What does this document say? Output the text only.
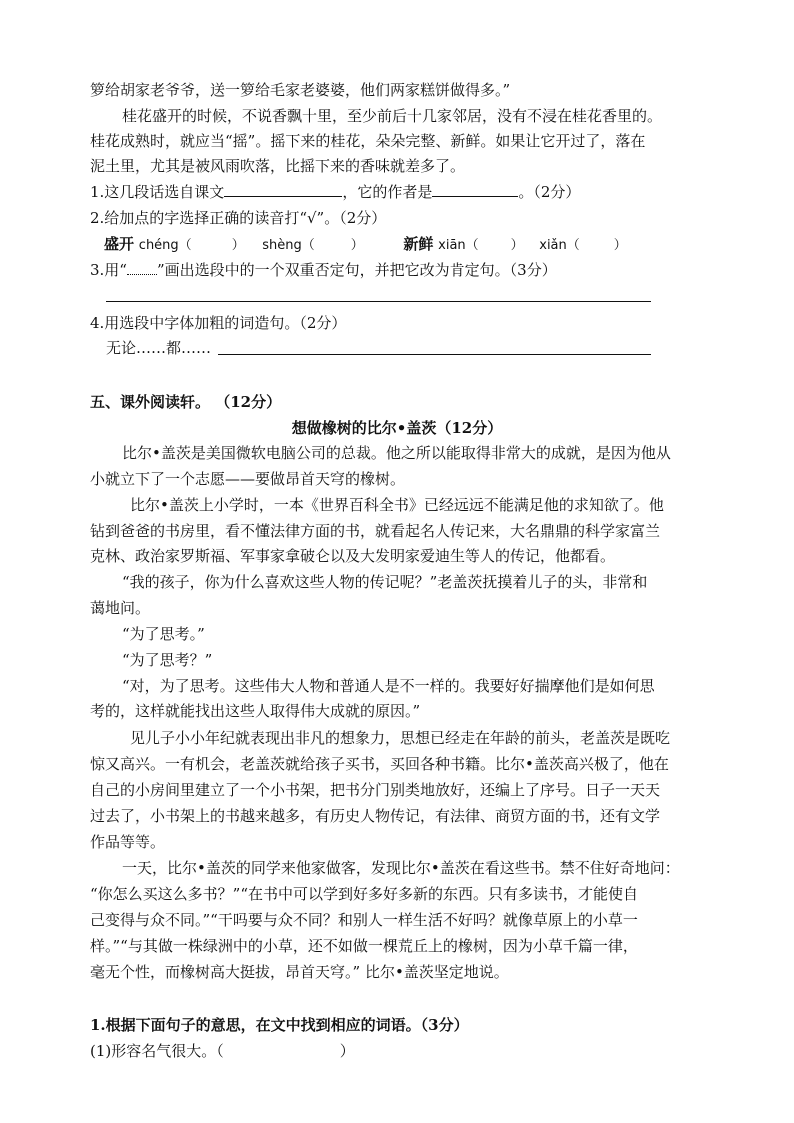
箩给胡家老爷爷，送一箩给毛家老婆婆，他们两家糕饼做得多。”
桂花盛开的时候，不说香飘十里，至少前后十几家邻居，没有不浸在桂花香里的。
桂花成熟时，就应当“摇”。摇下来的桂花，朵朵完整、新鲜。如果让它开过了，落在
泥土里，尤其是被风雨吹落，比摇下来的香味就差多了。
1.这几段话选自课文	，它的作者是	。（2分）
2.给加点的字选择正确的读音打“√”。（2分）
盛开 chéng（	） shèng（	）	新鲜 xiān（ ） xiǎn（	）
3.用“ ”画出选段中的一个双重否定句，并把它改为肯定句。（3分）
4.用选段中字体加粗的词造句。（2分）
无论……都……
五、课外阅读轩。 （12分）
想做橡树的比尔•盖茨（12分）
比尔•盖茨是美国微软电脑公司的总裁。他之所以能取得非常大的成就，是因为他从
小就立下了一个志愿——要做昂首天穹的橡树。
比尔•盖茨上小学时，一本《世界百科全书》已经远远不能满足他的求知欲了。他
钻到爸爸的书房里，看不懂法律方面的书，就看起名人传记来，大名鼎鼎的科学家富兰
克林、政治家罗斯福、军事家拿破仑以及大发明家爱迪生等人的传记，他都看。
“我的孩子，你为什么喜欢这些人物的传记呢？”老盖茨抚摸着儿子的头，非常和
蔼地问。
“为了思考。”
“为了思考？”
“对，为了思考。这些伟大人物和普通人是不一样的。我要好好揣摩他们是如何思
考的，这样就能找出这些人取得伟大成就的原因。”
见儿子小小年纪就表现出非凡的想象力，思想已经走在年龄的前头，老盖茨是既吃
惊又高兴。一有机会，老盖茨就给孩子买书，买回各种书籍。比尔•盖茨高兴极了，他在
自己的小房间里建立了一个小书架，把书分门别类地放好，还编上了序号。日子一天天
过去了，小书架上的书越来越多，有历史人物传记，有法律、商贸方面的书，还有文学
作品等等。
一天，比尔•盖茨的同学来他家做客，发现比尔•盖茨在看这些书。禁不住好奇地问：
“你怎么买这么多书？”“在书中可以学到好多好多新的东西。只有多读书，才能使自
己变得与众不同。”“干吗要与众不同？和别人一样生活不好吗？就像草原上的小草一
样。”“与其做一株绿洲中的小草，还不如做一棵荒丘上的橡树，因为小草千篇一律，
毫无个性，而橡树高大挺拔，昂首天穹。” 比尔•盖茨坚定地说。
1.根据下面句子的意思，在文中找到相应的词语。（3分）
(1)形容名气很大。（	）
